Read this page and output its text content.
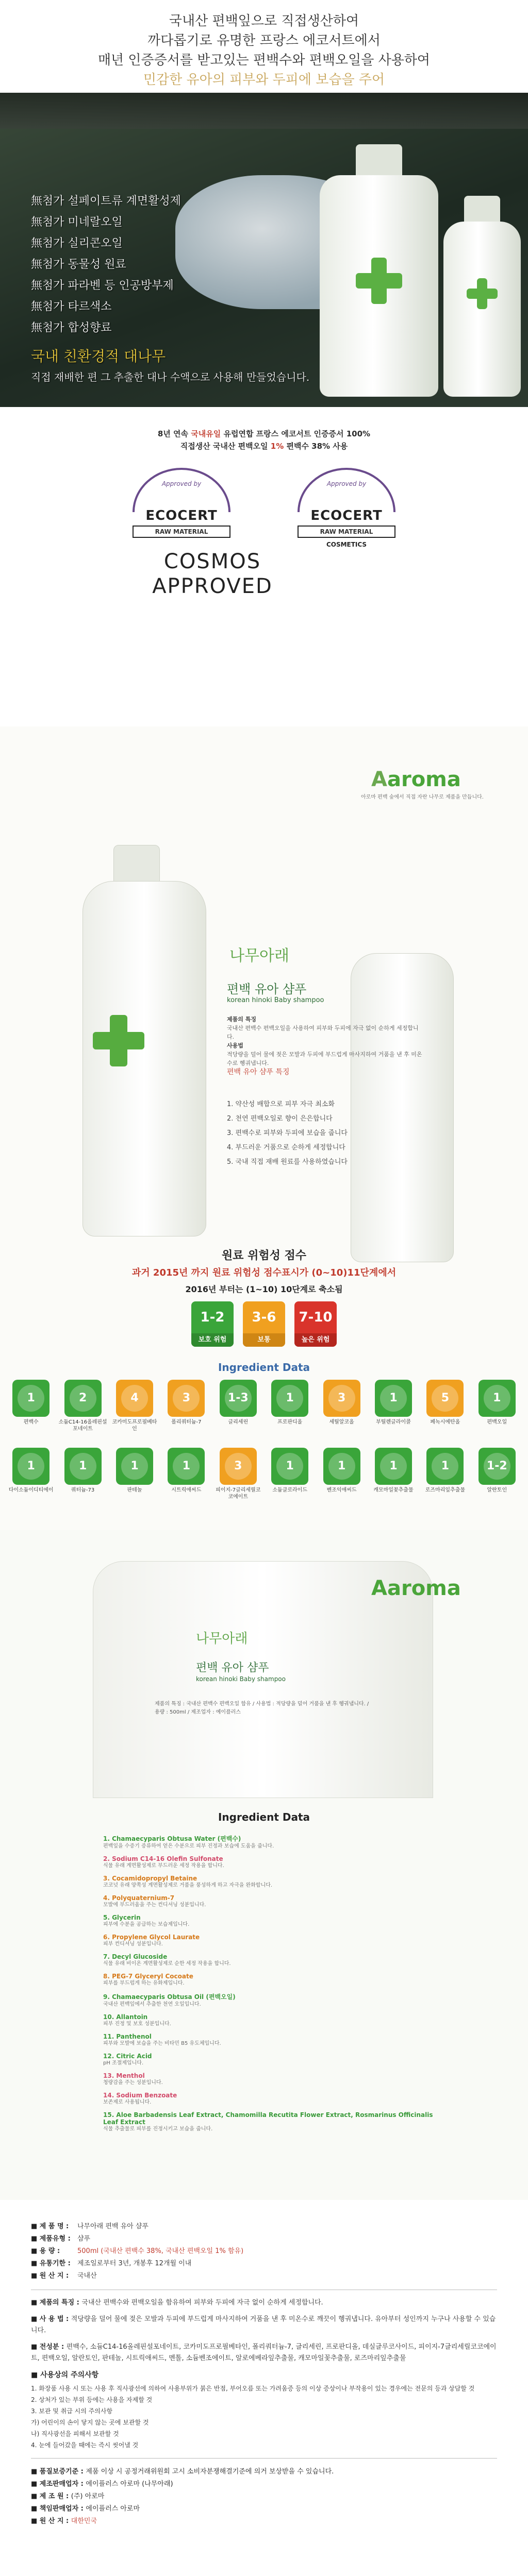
국내산 편백잎으로 직접생산하여
까다롭기로 유명한 프랑스 에코서트에서
매년 인증증서를 받고있는 편백수와 편백오일을 사용하여
민감한 유아의 피부와 두피에 보습을 주어
無첨가 설페이트류 계면활성제
無첨가 미네랄오일
無첨가 실리콘오일
無첨가 동물성 원료
無첨가 파라벤 등 인공방부제
無첨가 타르색소
無첨가 합성향료
국내 친환경적 대나무
직접 재배한 편 그 추출한 대나 수액으로 사용해 만들었습니다.
8년 연속 국내유일 유럽연합 프랑스 에코서트 인증증서 100%
직접생산 국내산 편백오일 1% 편백수 38% 사용
Approved by
ECOCERT
RAW MATERIAL
Approved by
ECOCERT
RAW MATERIAL
COSMETICS
COSMOS
APPROVED
Aaroma
아로마 편백 숲에서 직접 자란 나무로 제품을 만듭니다.
나무아래
편백 유아 샴푸
korean hinoki Baby shampoo
제품의 특징
국내산 편백수 편백오일을 사용하여 피부와 두피에 자극 없이 순하게 세정합니다.
사용법
적당량을 덜어 물에 젖은 모발과 두피에 부드럽게 마사지하여 거품을 낸 후 미온수로 헹궈냅니다.
편백 유아 샴푸 특징
1. 약산성 배합으로 피부 자극 최소화
2. 천연 편백오일로 향이 은은합니다
3. 편백수로 피부와 두피에 보습을 줍니다
4. 부드러운 거품으로 순하게 세정합니다
5. 국내 직접 재배 원료를 사용하였습니다
원료 위험성 점수
과거 2015년 까지 원료 위험성 점수표시가 (0~10)11단계에서
2016년 부터는 (1~10) 10단계로 축소됨
1-2
보호 위험
3-6
보통
7-10
높은 위험
Ingredient Data
1
편백수
2
소듐C14-16올레핀설포네이트
4
코카미도프로필베타인
3
폴리쿼터늄-7
1-3
글리세린
1
프로판디올
3
세틸알코올
1
부틸렌글라이콜
5
페녹시에탄올
1
편백오일
1
다이소듐이디티에이
1
쿼터늄-73
1
판테놀
1
시트릭애씨드
3
피이지-7글리세릴코코에이트
1
소듐클로라이드
1
벤조익애씨드
1
캐모마일꽃추출물
1
로즈마리잎추출물
1-2
알란토인
Aaroma
나무아래
편백 유아 샴푸
korean hinoki Baby shampoo
제품의 특징 : 국내산 편백수 편백오일 함유 / 사용법 : 적당량을 덜어 거품을 낸 후 헹궈냅니다. / 용량 : 500ml / 제조업자 : 예이플러스
Ingredient Data
1. Chamaecyparis Obtusa Water (편백수)
편백잎을 수증기 증류하여 얻은 수분으로 피부 진정과 보습에 도움을 줍니다.
2. Sodium C14-16 Olefin Sulfonate
식물 유래 계면활성제로 부드러운 세정 작용을 합니다.
3. Cocamidopropyl Betaine
코코넛 유래 양쪽성 계면활성제로 거품을 풍성하게 하고 자극을 완화합니다.
4. Polyquaternium-7
모발에 부드러움을 주는 컨디셔닝 성분입니다.
5. Glycerin
피부에 수분을 공급하는 보습제입니다.
6. Propylene Glycol Laurate
피부 컨디셔닝 성분입니다.
7. Decyl Glucoside
식물 유래 비이온 계면활성제로 순한 세정 작용을 합니다.
8. PEG-7 Glyceryl Cocoate
피부를 부드럽게 하는 유화제입니다.
9. Chamaecyparis Obtusa Oil (편백오일)
국내산 편백잎에서 추출한 천연 오일입니다.
10. Allantoin
피부 진정 및 보호 성분입니다.
11. Panthenol
피부와 모발에 보습을 주는 비타민 B5 유도체입니다.
12. Citric Acid
pH 조절제입니다.
13. Menthol
청량감을 주는 성분입니다.
14. Sodium Benzoate
보존제로 사용됩니다.
15. Aloe Barbadensis Leaf Extract, Chamomilla Recutita Flower Extract, Rosmarinus Officinalis Leaf Extract
식물 추출물로 피부를 진정시키고 보습을 줍니다.
■ 제 품 명 : 나무아래 편백 유아 샴푸
■ 제품유형 : 샴푸
■ 용 량 :	500ml (국내산 편백수 38%, 국내산 편백오일 1% 함유)
■ 유통기한 : 제조일로부터 3년, 개봉후 12개월 이내
■ 원 산 지 : 국내산
■ 제품의 특징 : 국내산 편백수와 편백오일을 함유하여 피부와 두피에 자극 없이 순하게 세정합니다.
■ 사 용 법 : 적당량을 덜어 물에 젖은 모발과 두피에 부드럽게 마사지하여 거품을 낸 후 미온수로 깨끗이 헹궈냅니다. 유아부터 성인까지 누구나 사용할 수 있습니다.
■ 전성분 : 편백수, 소듐C14-16올레핀설포네이트, 코카미도프로필베타인, 폴리쿼터늄-7, 글리세린, 프로판디올, 데실글루코사이드, 피이지-7글리세릴코코에이트, 편백오일, 알란토인, 판테놀, 시트릭애씨드, 멘톨, 소듐벤조에이트, 알로에베라잎추출물, 캐모마일꽃추출물, 로즈마리잎추출물
■ 사용상의 주의사항
1. 화장품 사용 시 또는 사용 후 직사광선에 의하여 사용부위가 붉은 반점, 부어오름 또는 가려움증 등의 이상 증상이나 부작용이 있는 경우에는 전문의 등과 상담할 것
2. 상처가 있는 부위 등에는 사용을 자제할 것
3. 보관 및 취급 시의 주의사항
가) 어린이의 손이 닿지 않는 곳에 보관할 것
나) 직사광선을 피해서 보관할 것
4. 눈에 들어갔을 때에는 즉시 씻어낼 것
■ 품질보증기준 : 제품 이상 시 공정거래위원회 고시 소비자분쟁해결기준에 의거 보상받을 수 있습니다.
■ 제조판매업자 : 에이플러스 아로마 (나무아래)
■ 제 조 원 : (주) 아로마
■ 책임판매업자 : 에이플러스 아로마
■ 원 산 지 : 대한민국
